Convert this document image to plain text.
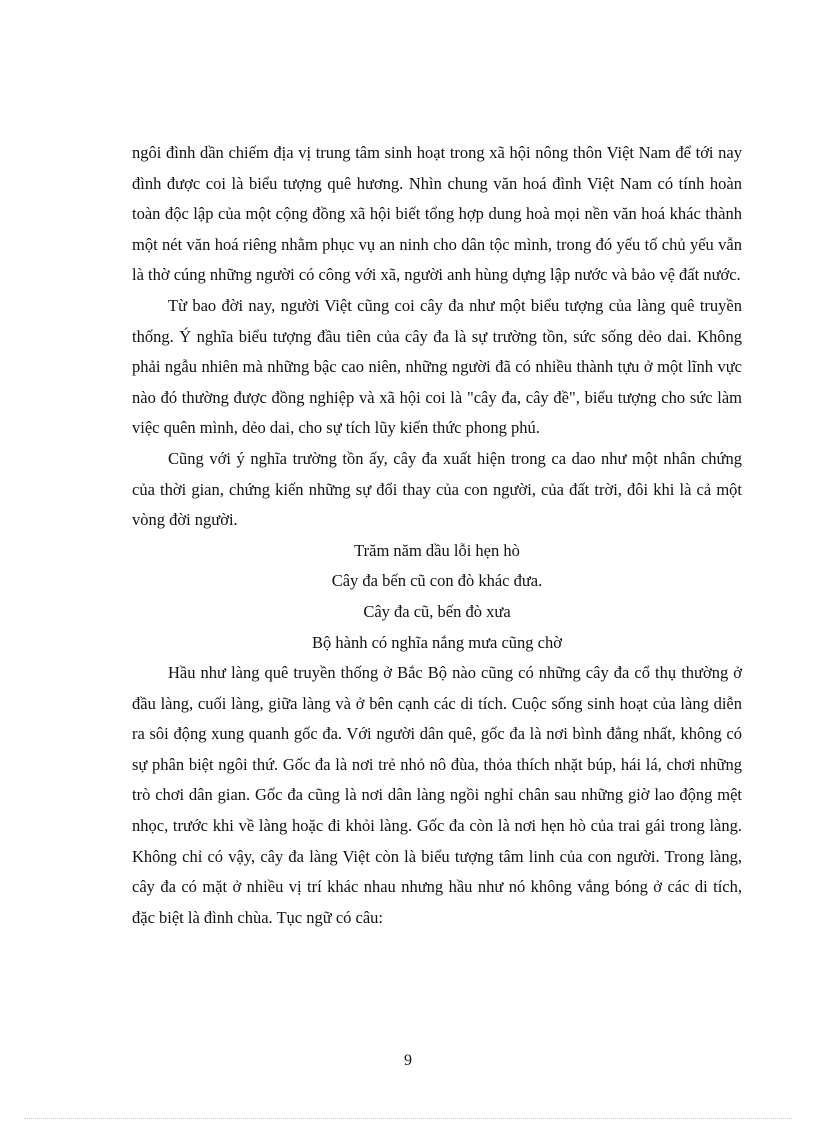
ngôi đình dần chiếm địa vị trung tâm sinh hoạt trong xã hội nông thôn Việt Nam để tới nay đình được coi là biểu tượng quê hương. Nhìn chung văn hoá đình Việt Nam có tính hoàn toàn độc lập của một cộng đồng xã hội biết tổng hợp dung hoà mọi nền văn hoá khác thành một nét văn hoá riêng nhằm phục vụ an ninh cho dân tộc mình, trong đó yếu tố chủ yếu vẫn là thờ cúng những người có công với xã, người anh hùng dựng lập nước và bảo vệ đất nước.

Từ bao đời nay, người Việt cũng coi cây đa như một biểu tượng của làng quê truyền thống. Ý nghĩa biểu tượng đầu tiên của cây đa là sự trường tồn, sức sống dẻo dai. Không phải ngẫu nhiên mà những bậc cao niên, những người đã có nhiều thành tựu ở một lĩnh vực nào đó thường được đồng nghiệp và xã hội coi là "cây đa, cây đề", biểu tượng cho sức làm việc quên mình, dẻo dai, cho sự tích lũy kiến thức phong phú.

Cũng với ý nghĩa trường tồn ấy, cây đa xuất hiện trong ca dao như một nhân chứng của thời gian, chứng kiến những sự đổi thay của con người, của đất trời, đôi khi là cả một vòng đời người.

Trăm năm dầu lỗi hẹn hò
Cây đa bến cũ con đò khác đưa.
Cây đa cũ, bến đò xưa
Bộ hành có nghĩa nắng mưa cũng chờ

Hầu như làng quê truyền thống ở Bắc Bộ nào cũng có những cây đa cổ thụ thường ở đầu làng, cuối làng, giữa làng và ở bên cạnh các di tích. Cuộc sống sinh hoạt của làng diễn ra sôi động xung quanh gốc đa. Với người dân quê, gốc đa là nơi bình đẳng nhất, không có sự phân biệt ngôi thứ. Gốc đa là nơi trẻ nhỏ nô đùa, thỏa thích nhặt búp, hái lá, chơi những trò chơi dân gian. Gốc đa cũng là nơi dân làng ngồi nghỉ chân sau những giờ lao động mệt nhọc, trước khi về làng hoặc đi khỏi làng. Gốc đa còn là nơi hẹn hò của trai gái trong làng. Không chỉ có vậy, cây đa làng Việt còn là biểu tượng tâm linh của con người. Trong làng, cây đa có mặt ở nhiều vị trí khác nhau nhưng hầu như nó không vắng bóng ở các di tích, đặc biệt là đình chùa. Tục ngữ có câu:

9
